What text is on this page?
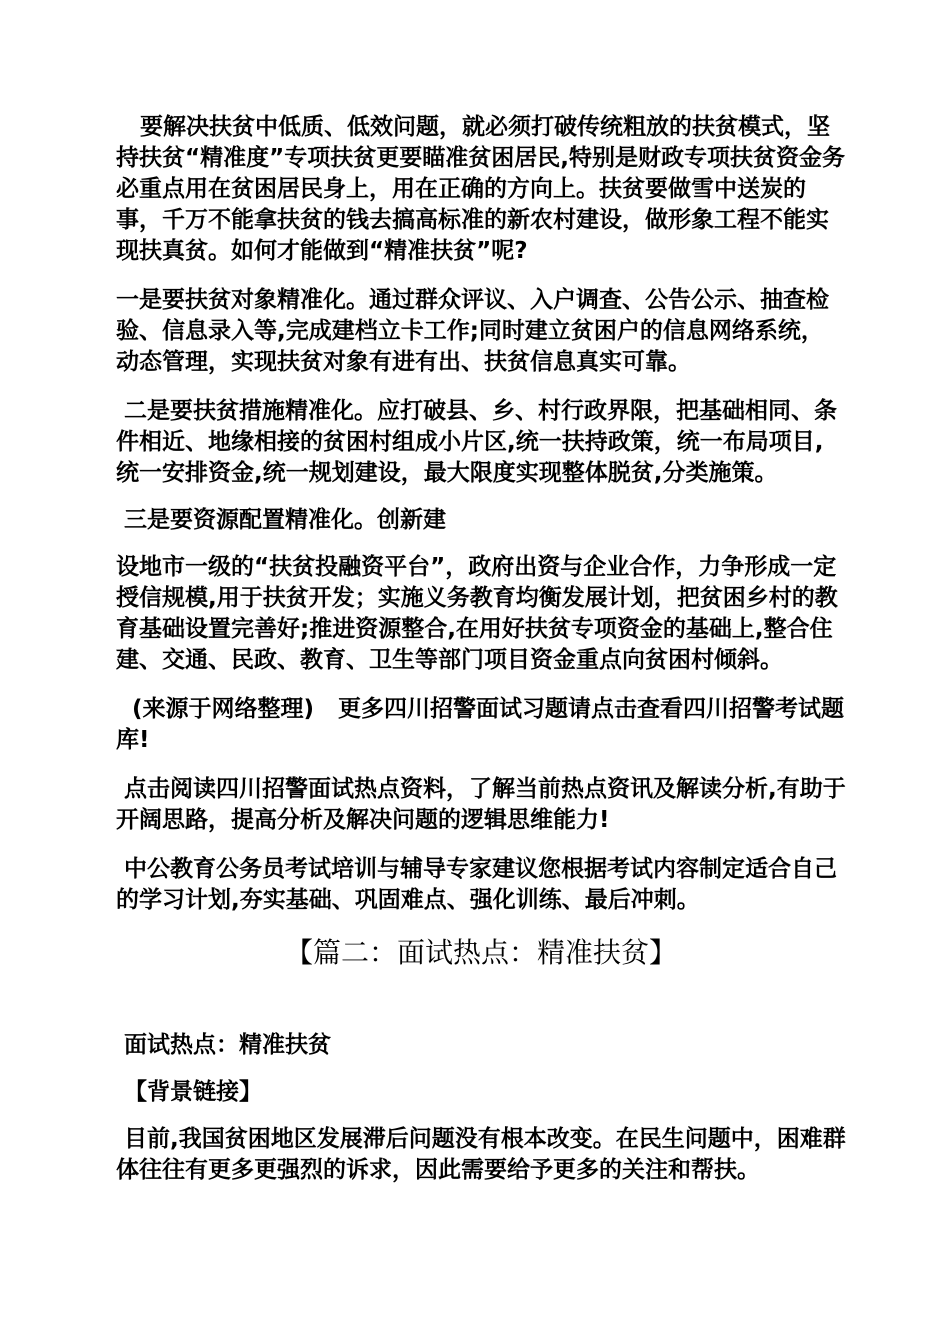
要解决扶贫中低质、低效问题，就必须打破传统粗放的扶贫模式，坚持扶贫“精准度”专项扶贫更要瞄准贫困居民,特别是财政专项扶贫资金务必重点用在贫困居民身上，用在正确的方向上。扶贫要做雪中送炭的事，千万不能拿扶贫的钱去搞高标准的新农村建设，做形象工程不能实现扶真贫。如何才能做到“精准扶贫”呢?

一是要扶贫对象精准化。通过群众评议、入户调查、公告公示、抽查检验、信息录入等,完成建档立卡工作;同时建立贫困户的信息网络系统，动态管理，实现扶贫对象有进有出、扶贫信息真实可靠。

二是要扶贫措施精准化。应打破县、乡、村行政界限，把基础相同、条件相近、地缘相接的贫困村组成小片区,统一扶持政策，统一布局项目,统一安排资金,统一规划建设，最大限度实现整体脱贫,分类施策。

三是要资源配置精准化。创新建

设地市一级的“扶贫投融资平台”，政府出资与企业合作，力争形成一定授信规模,用于扶贫开发；实施义务教育均衡发展计划，把贫困乡村的教育基础设置完善好;推进资源整合,在用好扶贫专项资金的基础上,整合住建、交通、民政、教育、卫生等部门项目资金重点向贫困村倾斜。

(来源于网络整理)   更多四川招警面试习题请点击查看四川招警考试题库!

点击阅读四川招警面试热点资料，了解当前热点资讯及解读分析,有助于开阔思路，提高分析及解决问题的逻辑思维能力!

中公教育公务员考试培训与辅导专家建议您根据考试内容制定适合自己的学习计划,夯实基础、巩固难点、强化训练、最后冲刺。

【篇二：面试热点：精准扶贫】

面试热点：精准扶贫

【背景链接】

目前,我国贫困地区发展滞后问题没有根本改变。在民生问题中，困难群体往往有更多更强烈的诉求，因此需要给予更多的关注和帮扶。
